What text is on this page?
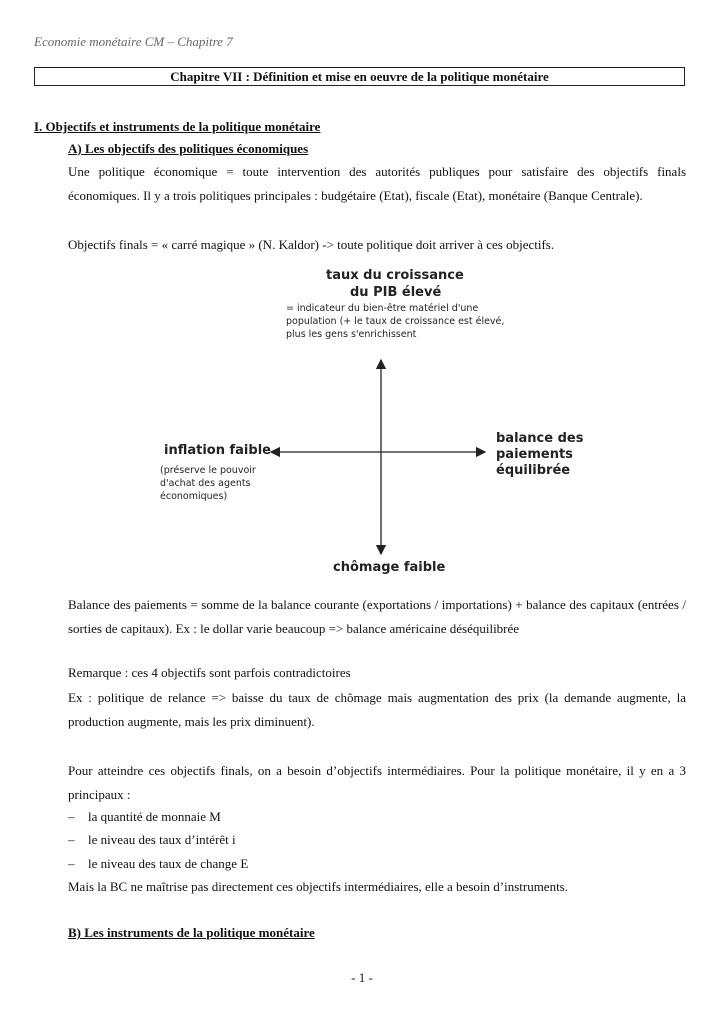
Economie monétaire CM – Chapitre 7
Chapitre VII : Définition et mise en oeuvre de la politique monétaire
I. Objectifs et instruments de la politique monétaire
A) Les objectifs des politiques économiques
Une politique économique = toute intervention des autorités publiques pour satisfaire des objectifs finals économiques. Il y a trois politiques principales : budgétaire (Etat), fiscale (Etat), monétaire (Banque Centrale).
Objectifs finals = « carré magique » (N. Kaldor) -> toute politique doit arriver à ces objectifs.
taux du croissance
du PIB élevé
= indicateur du bien-être matériel d'une
population (+ le taux de croissance est élevé,
plus les gens s'enrichissent
inflation faible
(préserve le pouvoir
d'achat des agents
économiques)
balance des
paiements
équilibrée
chômage faible
Balance des paiements = somme de la balance courante (exportations / importations) + balance des capitaux (entrées / sorties de capitaux). Ex : le dollar varie beaucoup => balance américaine déséquilibrée
Remarque : ces 4 objectifs sont parfois contradictoires
Ex : politique de relance => baisse du taux de chômage mais augmentation des prix (la demande augmente, la production augmente, mais les prix diminuent).
Pour atteindre ces objectifs finals, on a besoin d’objectifs intermédiaires. Pour la politique monétaire, il y en a 3 principaux :
– la quantité de monnaie M
– le niveau des taux d’intérêt i
– le niveau des taux de change E
Mais la BC ne maîtrise pas directement ces objectifs intermédiaires, elle a besoin d’instruments.
B) Les instruments de la politique monétaire
- 1 -
